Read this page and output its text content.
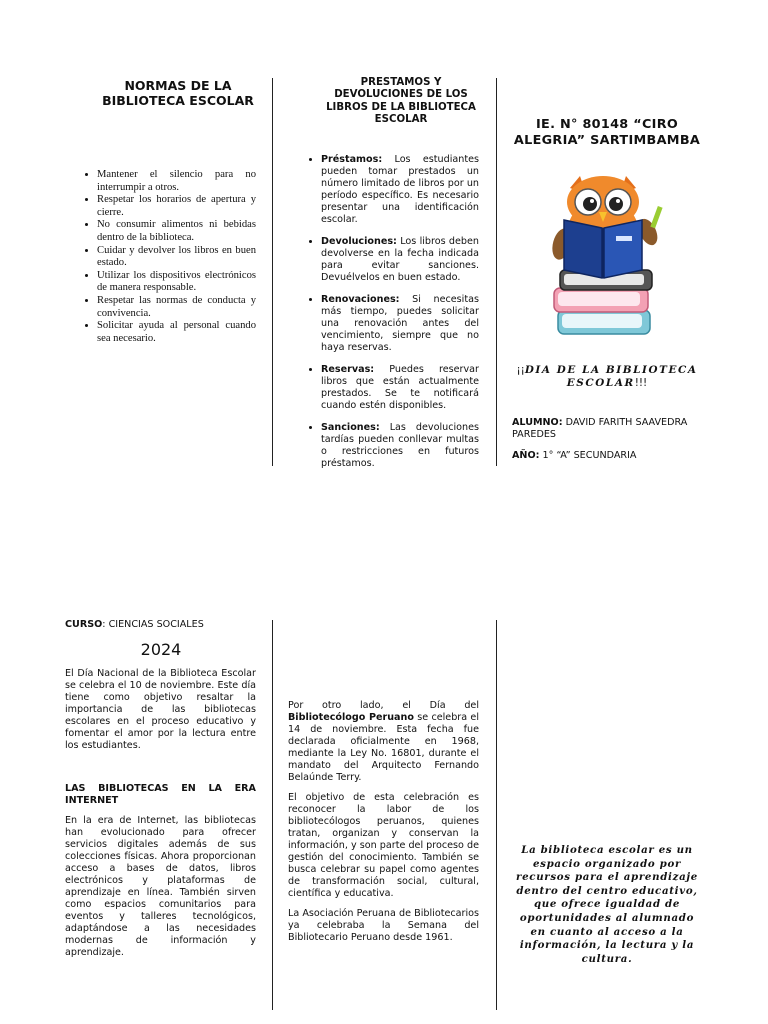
NORMAS DE LA BIBLIOTECA ESCOLAR
• Mantener el silencio para no interrumpir a otros.
• Respetar los horarios de apertura y cierre.
• No consumir alimentos ni bebidas dentro de la biblioteca.
• Cuidar y devolver los libros en buen estado.
• Utilizar los dispositivos electrónicos de manera responsable.
• Respetar las normas de conducta y convivencia.
• Solicitar ayuda al personal cuando sea necesario.
PRESTAMOS Y DEVOLUCIONES DE LOS LIBROS DE LA BIBLIOTECA ESCOLAR
• Préstamos: Los estudiantes pueden tomar prestados un número limitado de libros por un período específico. Es necesario presentar una identificación escolar.
• Devoluciones: Los libros deben devolverse en la fecha indicada para evitar sanciones. Devuélvelos en buen estado.
• Renovaciones: Si necesitas más tiempo, puedes solicitar una renovación antes del vencimiento, siempre que no haya reservas.
• Reservas: Puedes reservar libros que están actualmente prestados. Se te notificará cuando estén disponibles.
• Sanciones: Las devoluciones tardías pueden conllevar multas o restricciones en futuros préstamos.
IE. N° 80148 “CIRO ALEGRIA” SARTIMBAMBA
¡¡DIA DE LA BIBLIOTECA ESCOLAR!!!
ALUMNO: DAVID FARITH SAAVEDRA PAREDES
AÑO: 1° “A” SECUNDARIA
CURSO: CIENCIAS SOCIALES
2024
El Día Nacional de la Biblioteca Escolar se celebra el 10 de noviembre. Este día tiene como objetivo resaltar la importancia de las bibliotecas escolares en el proceso educativo y fomentar el amor por la lectura entre los estudiantes.
LAS BIBLIOTECAS EN LA ERA INTERNET
En la era de Internet, las bibliotecas han evolucionado para ofrecer servicios digitales además de sus colecciones físicas. Ahora proporcionan acceso a bases de datos, libros electrónicos y plataformas de aprendizaje en línea. También sirven como espacios comunitarios para eventos y talleres tecnológicos, adaptándose a las necesidades modernas de información y aprendizaje.

Por otro lado, el Día del Bibliotecólogo Peruano se celebra el 14 de noviembre. Esta fecha fue declarada oficialmente en 1968, mediante la Ley No. 16801, durante el mandato del Arquitecto Fernando Belaúnde Terry.

El objetivo de esta celebración es reconocer la labor de los bibliotecólogos peruanos, quienes tratan, organizan y conservan la información, y son parte del proceso de gestión del conocimiento. También se busca celebrar su papel como agentes de transformación social, cultural, científica y educativa.

La Asociación Peruana de Bibliotecarios ya celebraba la Semana del Bibliotecario Peruano desde 1961.

La biblioteca escolar es un espacio organizado por recursos para el aprendizaje dentro del centro educativo, que ofrece igualdad de oportunidades al alumnado en cuanto al acceso a la información, la lectura y la cultura.
